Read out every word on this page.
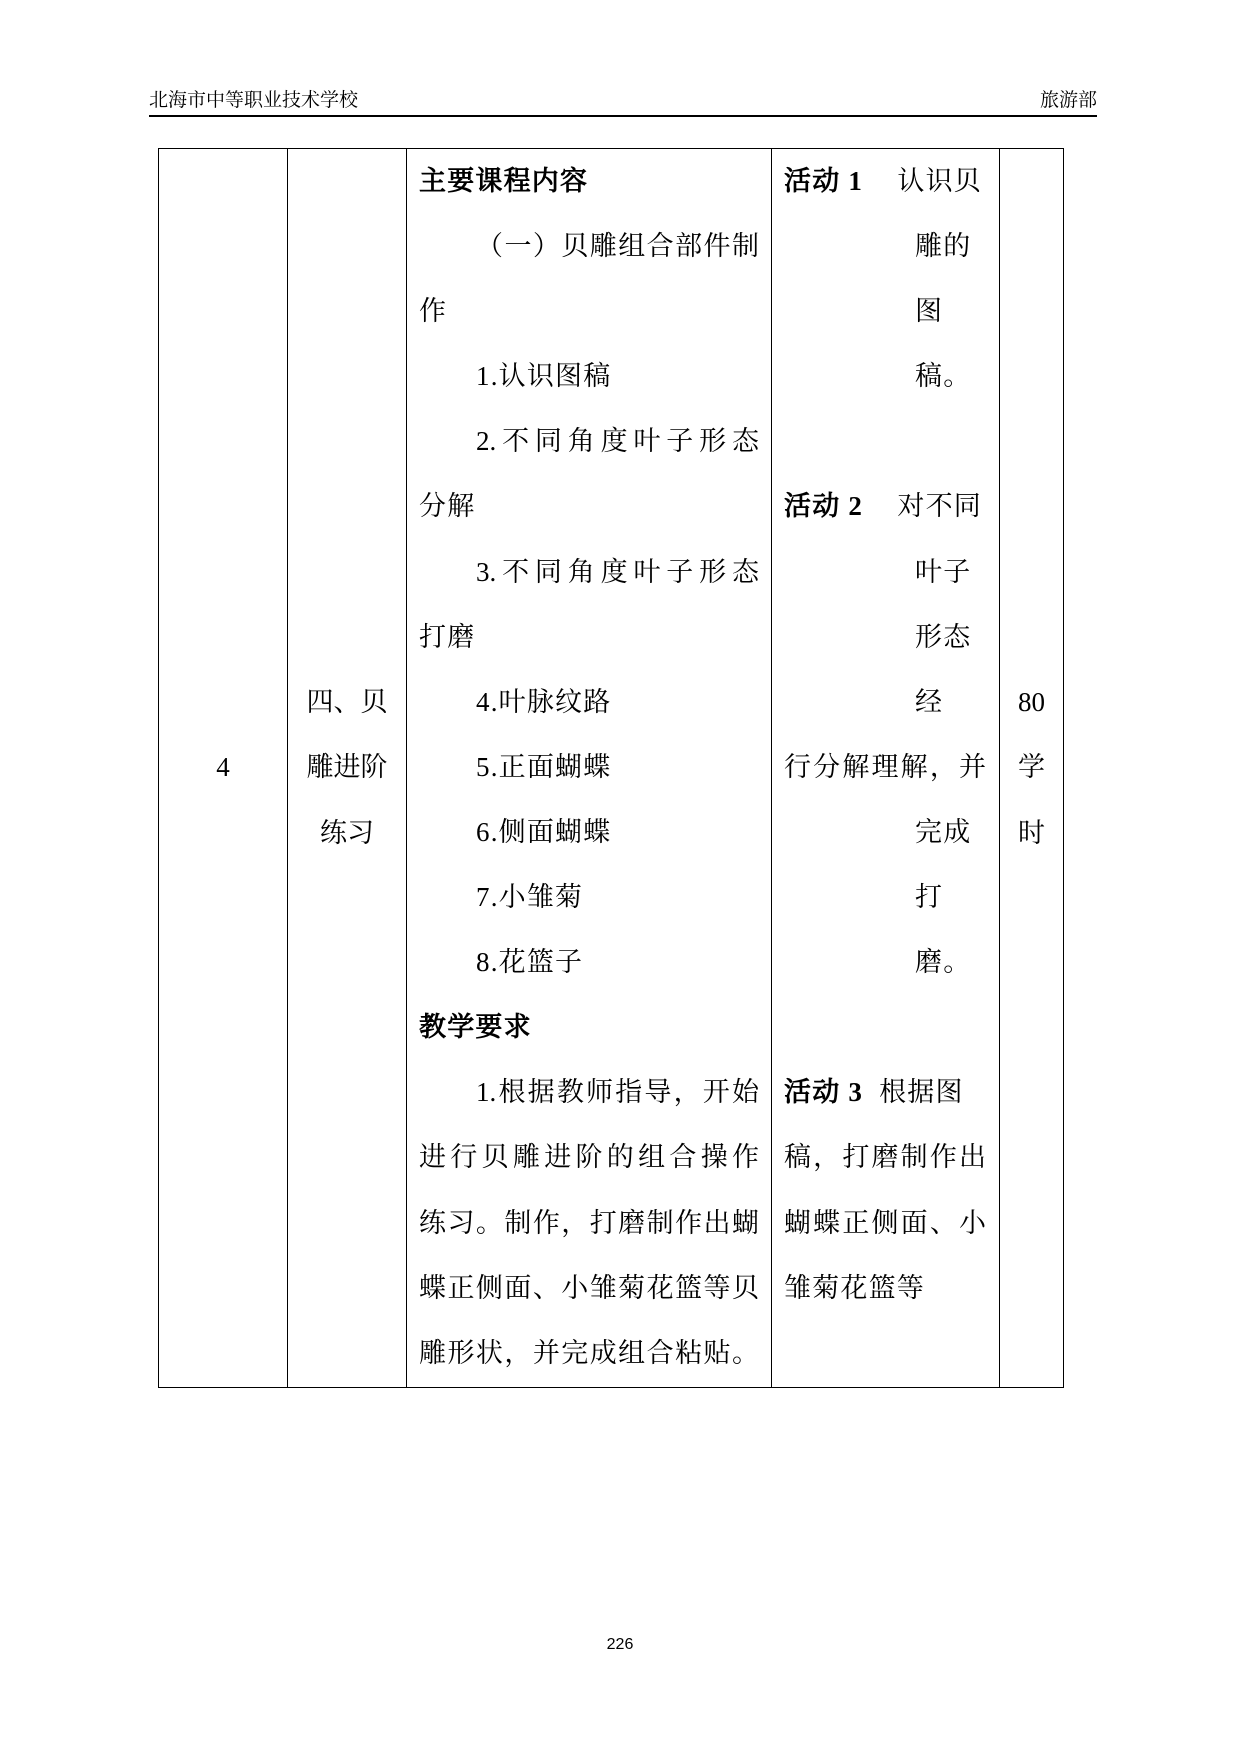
北海市中等职业技术学校	旅游部
4
四、贝
雕进阶
练习
主要课程内容
（一）贝雕组合部件制
作
1.认识图稿
2.不同角度叶子形态
分解
3.不同角度叶子形态
打磨
4.叶脉纹路
5.正面蝴蝶
6.侧面蝴蝶
7.小雏菊
8.花篮子
教学要求
1.根据教师指导，开始
进行贝雕进阶的组合操作
练习。制作，打磨制作出蝴
蝶正侧面、小雏菊花篮等贝
雕形状，并完成组合粘贴。
活动 1 认识贝
雕的
图
稿。
活动 2 对不同
叶子
形态
经
行分解理解，并
完成
打
磨。
活动 3 根据图
稿，打磨制作出
蝴蝶正侧面、小
雏菊花篮等
80
学
时
226
